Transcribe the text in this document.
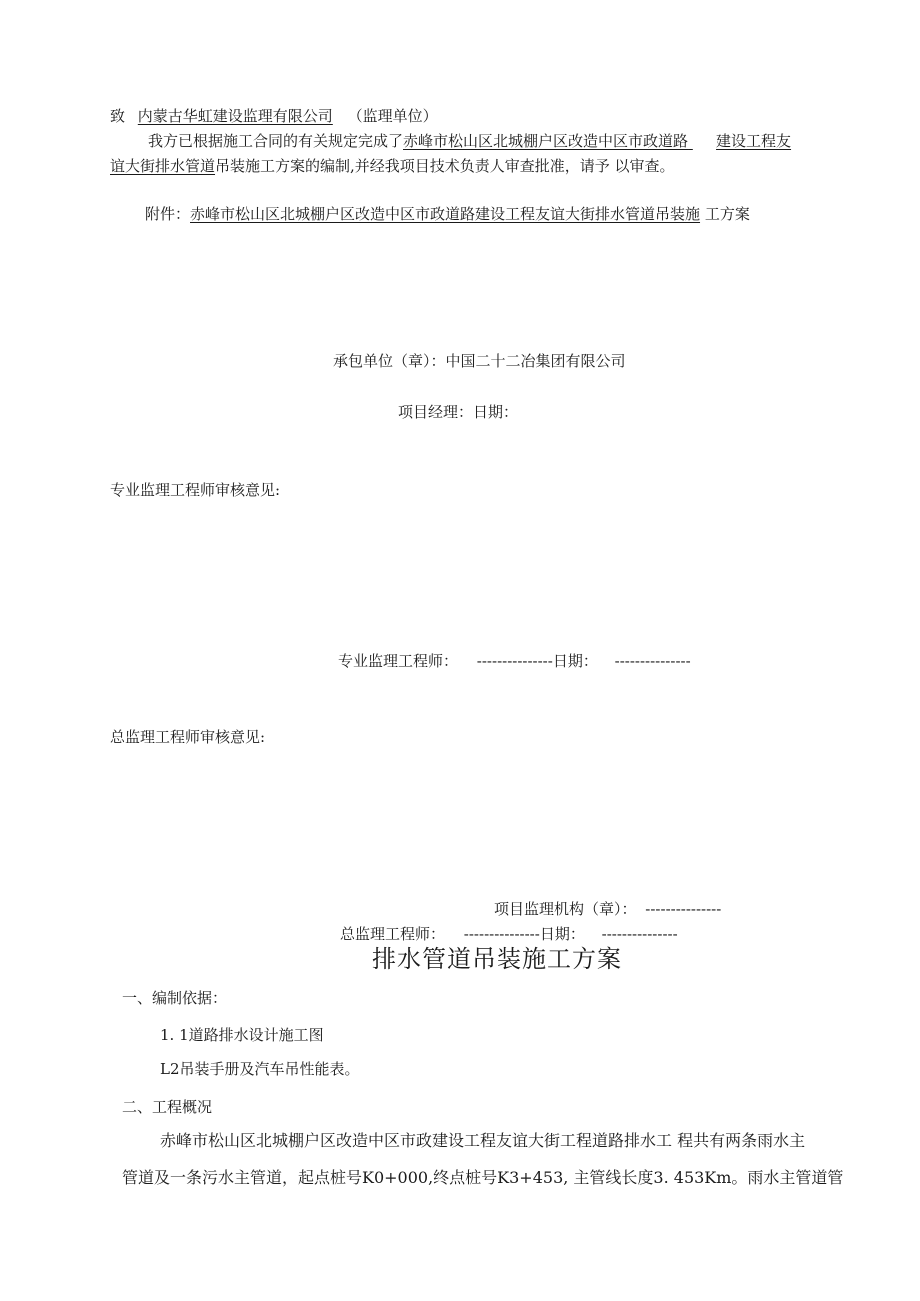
致 内蒙古华虹建设监理有限公司 （监理单位）
我方已根据施工合同的有关规定完成了赤峰市松山区北城棚户区改造中区市政道路 建设工程友
谊大街排水管道吊装施工方案的编制,并经我项目技术负责人审查批准，请予 以审查。
附件：赤峰市松山区北城棚户区改造中区市政道路建设工程友谊大街排水管道吊装施 工方案
承包单位（章）：中国二十二冶集团有限公司
项目经理：日期：
专业监理工程师审核意见:
专业监理工程师： ---------------日期： ---------------
总监理工程师审核意见:
项目监理机构（章）： ---------------
总监理工程师： ---------------日期： ---------------
排水管道吊装施工方案
一、编制依据：
1. 1道路排水设计施工图
L2吊装手册及汽车吊性能表。
二、工程概况
赤峰市松山区北城棚户区改造中区市政建设工程友谊大街工程道路排水工 程共有两条雨水主
管道及一条污水主管道，起点桩号K0+000,终点桩号K3+453, 主管线长度3. 453Km。雨水主管道管
